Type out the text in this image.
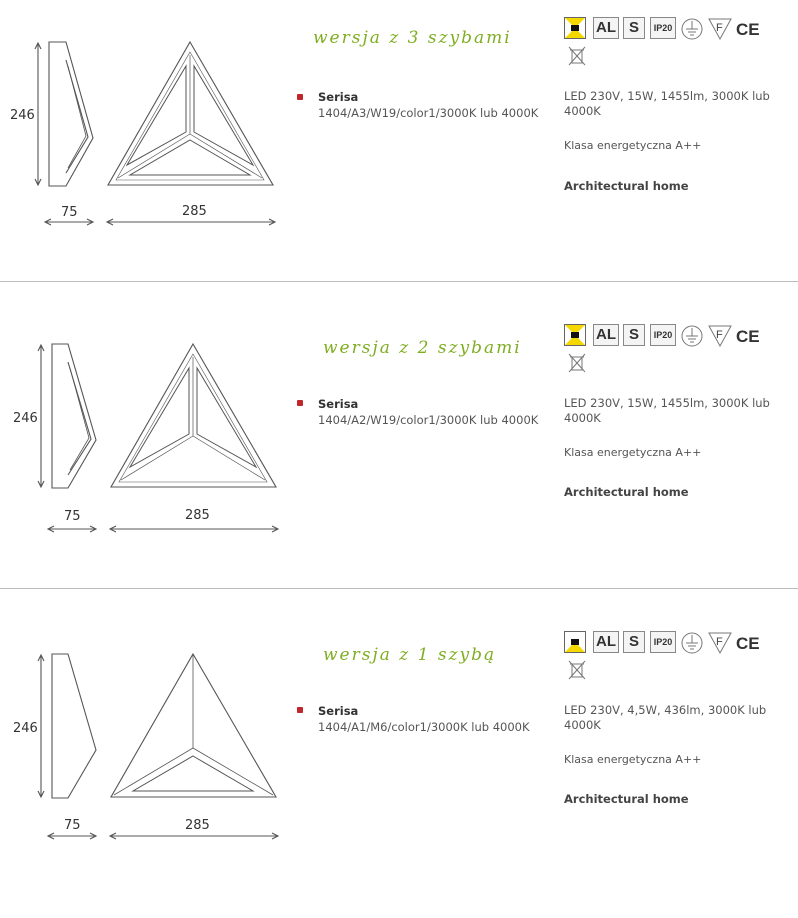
246
75	285
wersja z 3 szybami
Serisa
1404/A3/W19/color1/3000K lub 4000K
AL S	IP20	F CE
LED 230V, 15W, 1455lm, 3000K lub 4000K
Klasa energetyczna A++
Architectural home
246
75	285
wersja z 2 szybami
Serisa
1404/A2/W19/color1/3000K lub 4000K
AL S	IP20	F CE
LED 230V, 15W, 1455lm, 3000K lub 4000K
Klasa energetyczna A++
Architectural home
246
75	285
wersja z 1 szybą
Serisa
1404/A1/M6/color1/3000K lub 4000K
AL S	IP20	F CE
LED 230V, 4,5W, 436lm, 3000K lub 4000K
Klasa energetyczna A++
Architectural home
